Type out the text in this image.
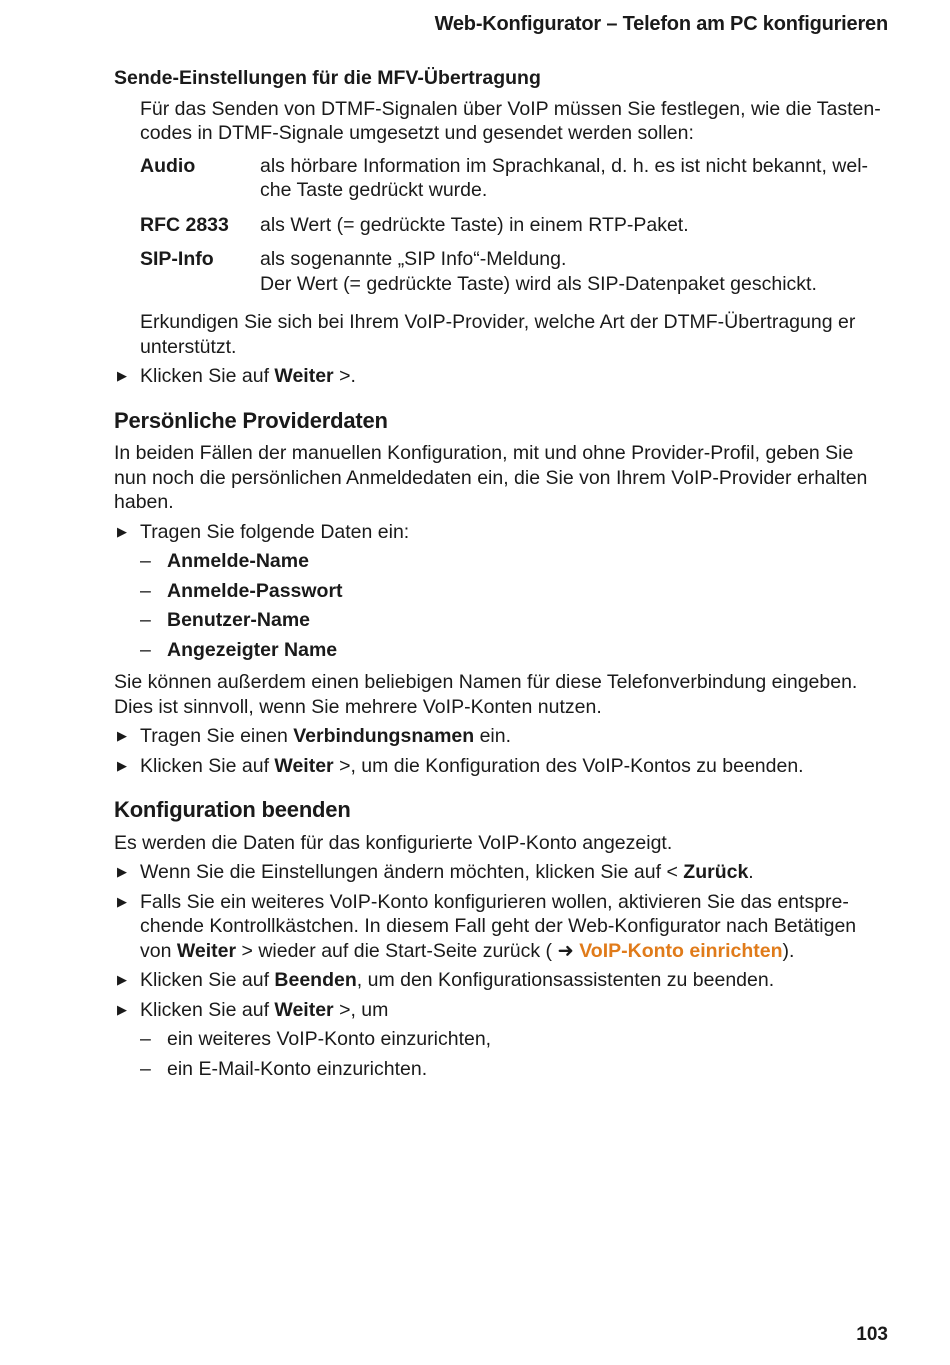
Web-Konfigurator – Telefon am PC konfigurieren
Sende-Einstellungen für die MFV-Übertragung

Für das Senden von DTMF-Signalen über VoIP müssen Sie festlegen, wie die Tasten-codes in DTMF-Signale umgesetzt und gesendet werden sollen:

Audio	als hörbare Information im Sprachkanal, d. h. es ist nicht bekannt, wel-che Taste gedrückt wurde.
RFC 2833	als Wert (= gedrückte Taste) in einem RTP-Paket.
SIP-Info	als sogenannte „SIP Info“-Meldung.
Der Wert (= gedrückte Taste) wird als SIP-Datenpaket geschickt.

Erkundigen Sie sich bei Ihrem VoIP-Provider, welche Art der DTMF-Übertragung er unterstützt.

▶ Klicken Sie auf Weiter >.
Persönliche Providerdaten

In beiden Fällen der manuellen Konfiguration, mit und ohne Provider-Profil, geben Sie nun noch die persönlichen Anmeldedaten ein, die Sie von Ihrem VoIP-Provider erhalten haben.

▶ Tragen Sie folgende Daten ein:
– Anmelde-Name
– Anmelde-Passwort
– Benutzer-Name
– Angezeigter Name

Sie können außerdem einen beliebigen Namen für diese Telefonverbindung eingeben. Dies ist sinnvoll, wenn Sie mehrere VoIP-Konten nutzen.

▶ Tragen Sie einen Verbindungsnamen ein.
▶ Klicken Sie auf Weiter >, um die Konfiguration des VoIP-Kontos zu beenden.
Konfiguration beenden

Es werden die Daten für das konfigurierte VoIP-Konto angezeigt.

▶ Wenn Sie die Einstellungen ändern möchten, klicken Sie auf < Zurück.
▶ Falls Sie ein weiteres VoIP-Konto konfigurieren wollen, aktivieren Sie das entspre-chende Kontrollkästchen. In diesem Fall geht der Web-Konfigurator nach Betätigen von Weiter > wieder auf die Start-Seite zurück ( ➜ VoIP-Konto einrichten).
▶ Klicken Sie auf Beenden, um den Konfigurationsassistenten zu beenden.
▶ Klicken Sie auf Weiter >, um
– ein weiteres VoIP-Konto einzurichten,
– ein E-Mail-Konto einzurichten.
103
